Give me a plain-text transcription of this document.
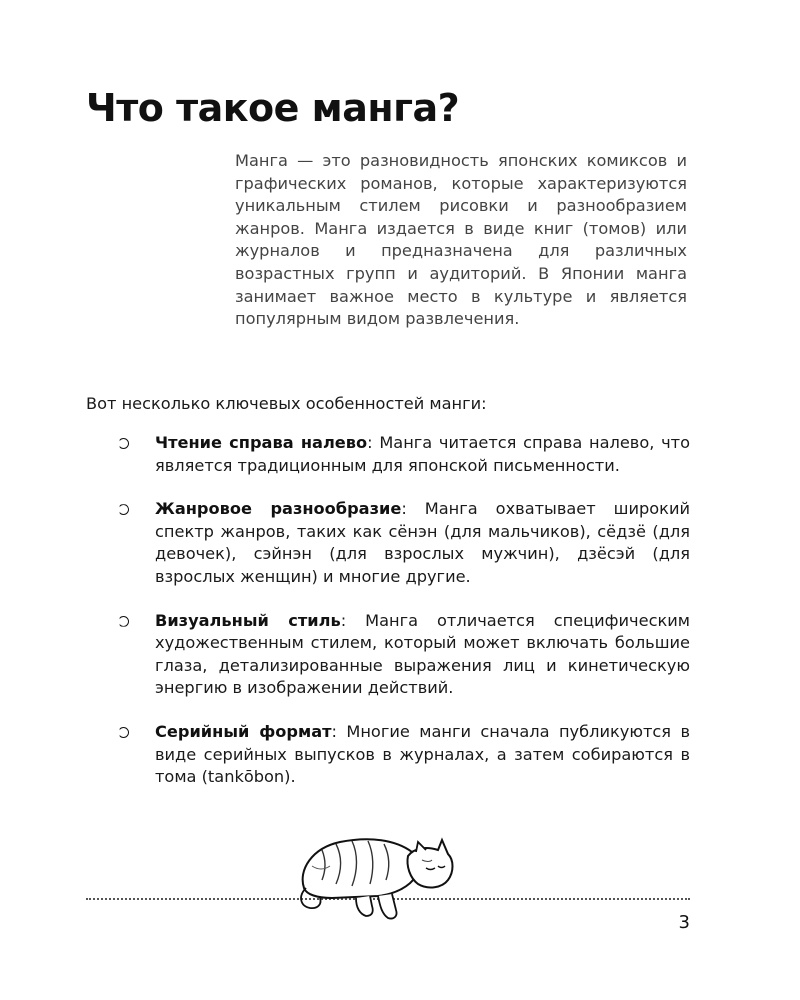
Что такое манга?

Манга — это разновидность японских комиксов и графических романов, которые характеризуются уникальным стилем рисовки и разнообразием жанров. Манга издается в виде книг (томов) или журналов и предназначена для различных возрастных групп и аудиторий. В Японии манга занимает важное место в культуре и является популярным видом развлечения.

Вот несколько ключевых особенностей манги:

Чтение справа налево: Манга читается справа налево, что является традиционным для японской письменности.
Жанровое разнообразие: Манга охватывает широкий спектр жанров, таких как сёнэн (для мальчиков), сёдзё (для девочек), сэйнэн (для взрослых мужчин), дзёсэй (для взрослых женщин) и многие другие.
Визуальный стиль: Манга отличается специфическим художественным стилем, который может включать большие глаза, детализированные выражения лиц и кинетическую энергию в изображении действий.
Серийный формат: Многие манги сначала публикуются в виде серийных выпусков в журналах, а затем собираются в тома (tankōbon).
3
